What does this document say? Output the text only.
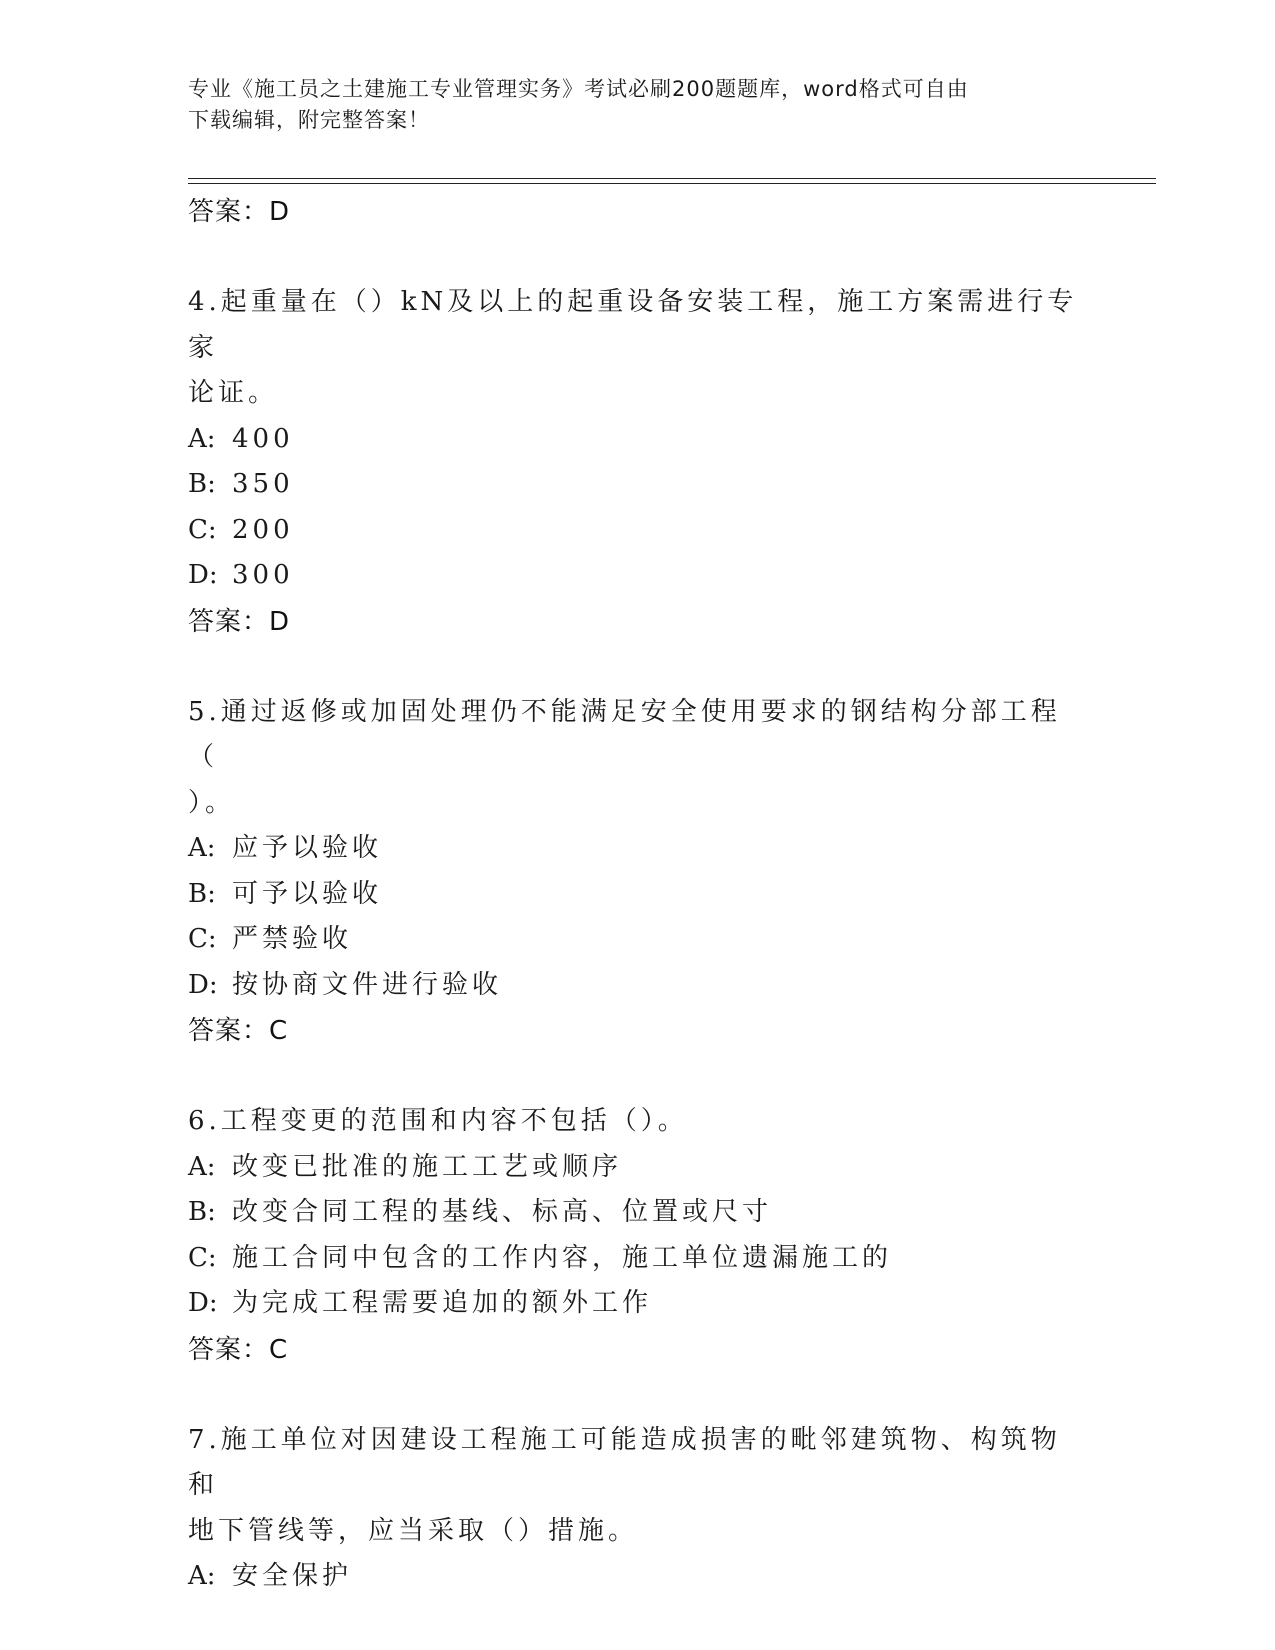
专业《施工员之土建施工专业管理实务》考试必刷200题题库，word格式可自由
下载编辑，附完整答案！
答案：D
4.起重量在（）kN及以上的起重设备安装工程，施工方案需进行专家
论证。
A: 400
B: 350
C: 200
D: 300
答案：D
5.通过返修或加固处理仍不能满足安全使用要求的钢结构分部工程（
）。
A: 应予以验收
B: 可予以验收
C: 严禁验收
D: 按协商文件进行验收
答案：C
6.工程变更的范围和内容不包括（）。
A: 改变已批准的施工工艺或顺序
B: 改变合同工程的基线、标高、位置或尺寸
C: 施工合同中包含的工作内容，施工单位遗漏施工的
D: 为完成工程需要追加的额外工作
答案：C
7.施工单位对因建设工程施工可能造成损害的毗邻建筑物、构筑物和
地下管线等，应当采取（）措施。
A: 安全保护
